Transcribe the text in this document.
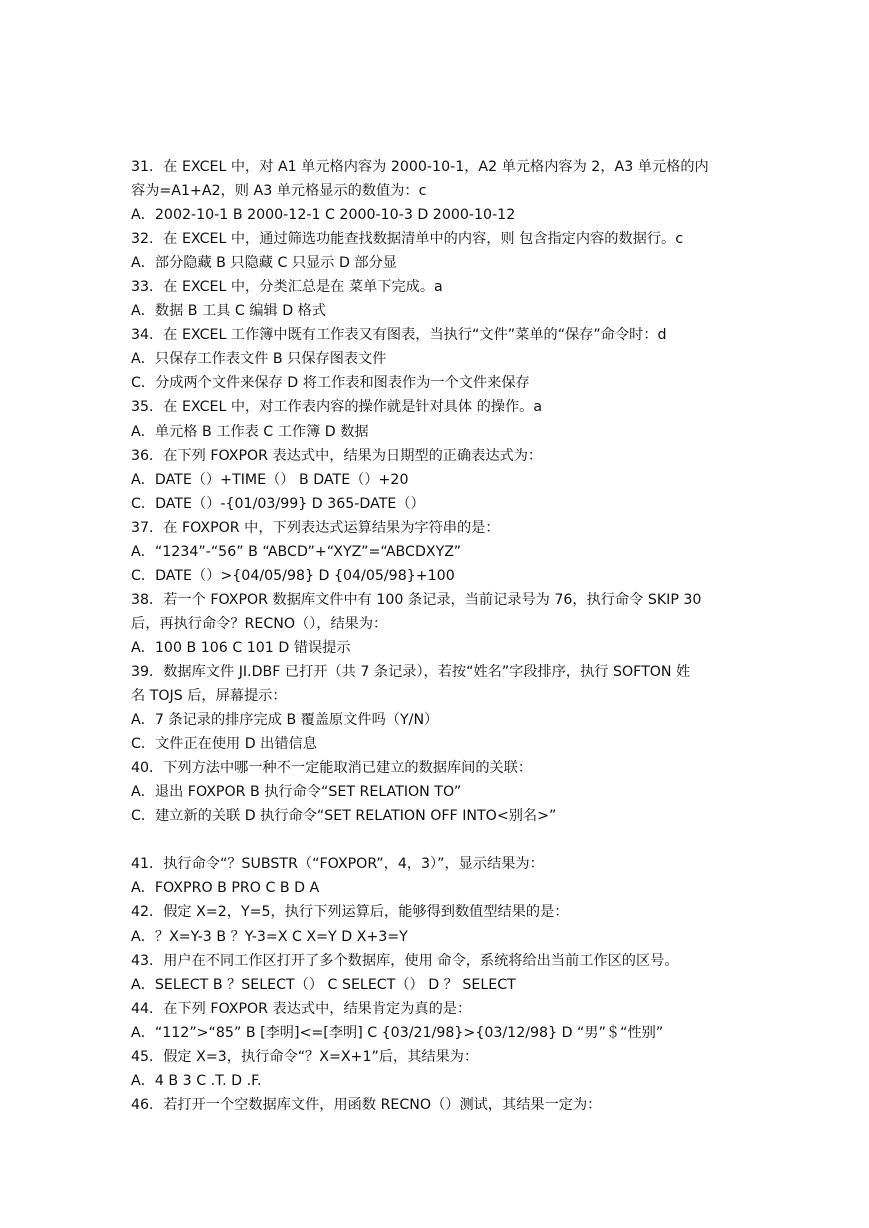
31．在 EXCEL 中，对 A1 单元格内容为 2000-10-1，A2 单元格内容为 2，A3 单元格的内
容为=A1+A2，则 A3 单元格显示的数值为：c
A．2002-10-1 B 2000-12-1 C 2000-10-3 D 2000-10-12
32．在 EXCEL 中，通过筛选功能查找数据清单中的内容，则 包含指定内容的数据行。c
A．部分隐藏 B 只隐藏 C 只显示 D 部分显
33．在 EXCEL 中，分类汇总是在 菜单下完成。a
A．数据 B 工具 C 编辑 D 格式
34．在 EXCEL 工作簿中既有工作表又有图表，当执行“文件”菜单的“保存”命令时：d
A．只保存工作表文件 B 只保存图表文件
C．分成两个文件来保存 D 将工作表和图表作为一个文件来保存
35．在 EXCEL 中，对工作表内容的操作就是针对具体 的操作。a
A．单元格 B 工作表 C 工作簿 D 数据
36．在下列 FOXPOR 表达式中，结果为日期型的正确表达式为：
A．DATE（）+TIME（） B DATE（）+20
C．DATE（）-{01/03/99} D 365-DATE（）
37．在 FOXPOR 中，下列表达式运算结果为字符串的是：
A．“1234”-“56” B “ABCD”+“XYZ”=“ABCDXYZ”
C．DATE（）>{04/05/98} D {04/05/98}+100
38．若一个 FOXPOR 数据库文件中有 100 条记录，当前记录号为 76，执行命令 SKIP 30
后，再执行命令？RECNO（），结果为：
A．100 B 106 C 101 D 错误提示
39．数据库文件 JI.DBF 已打开（共 7 条记录），若按“姓名”字段排序，执行 SOFTON 姓
名 TOJS 后，屏幕提示：
A．7 条记录的排序完成 B 覆盖原文件吗（Y/N）
C．文件正在使用 D 出错信息
40．下列方法中哪一种不一定能取消已建立的数据库间的关联：
A．退出 FOXPOR B 执行命令“SET RELATION TO”
C．建立新的关联 D 执行命令“SET RELATION OFF INTO<别名>”
41．执行命令“？SUBSTR（“FOXPOR”，4，3）”，显示结果为：
A．FOXPRO B PRO C B D A
42．假定 X=2，Y=5，执行下列运算后，能够得到数值型结果的是：
A．？X=Y-3 B ？Y-3=X C X=Y D X+3=Y
43．用户在不同工作区打开了多个数据库，使用 命令，系统将给出当前工作区的区号。
A．SELECT B ？SELECT（） C SELECT（） D ？ SELECT
44．在下列 FOXPOR 表达式中，结果肯定为真的是：
A．“112”>“85” B [李明]<=[李明] C {03/21/98}>{03/12/98} D “男”＄“性别”
45．假定 X=3，执行命令“？X=X+1”后，其结果为：
A．4 B 3 C .T. D .F.
46．若打开一个空数据库文件，用函数 RECNO（）测试，其结果一定为：
